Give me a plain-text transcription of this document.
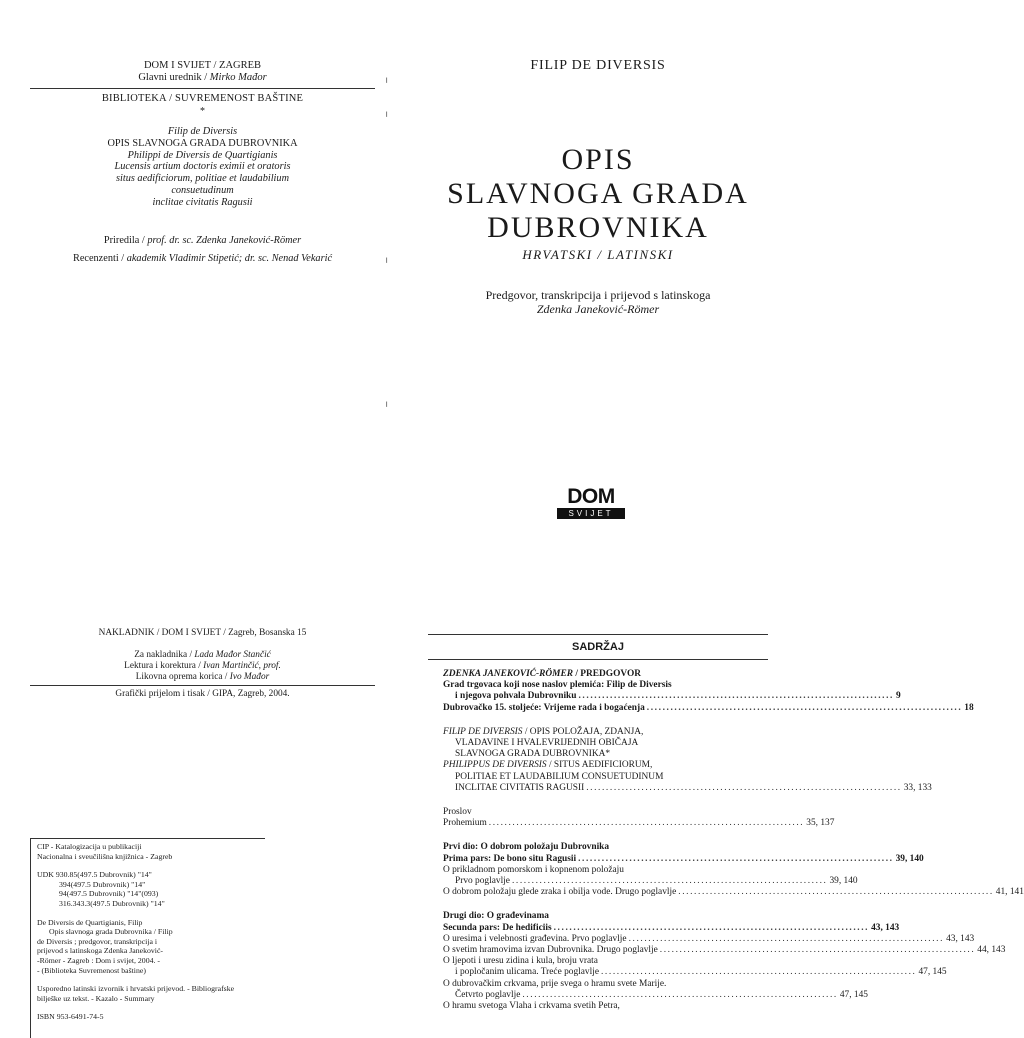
DOM I SVIJET / ZAGREB
Glavni urednik / Mirko Mađor
BIBLIOTEKA / SUVREMENOST BAŠTINE
*
Filip de Diversis
OPIS SLAVNOGA GRADA DUBROVNIKA
Philippi de Diversis de Quartigianis
Lucensis artium doctoris eximii et oratoris
situs aedificiorum, politiae et laudabilium
consuetudinum
inclitae civitatis Ragusii
Priredila / prof. dr. sc. Zdenka Janeković-Römer
Recenzenti / akademik Vladimir Stipetić; dr. sc. Nenad Vekarić
NAKLADNIK / DOM I SVIJET / Zagreb, Bosanska 15
Za nakladnika / Lada Mađor Stančić
Lektura i korektura / Ivan Martinčić, prof.
Likovna oprema korica / Ivo Mađor
Grafički prijelom i tisak / GIPA, Zagreb, 2004.
CIP - Katalogizacija u publikaciji
Nacionalna i sveučilišna knjižnica - Zagreb
UDK 930.85(497.5 Dubrovnik) "14"
394(497.5 Dubrovnik) "14"
94(497.5 Dubrovnik) "14"(093)
316.343.3(497.5 Dubrovnik) "14"
De Diversis de Quartigianis, Filip
Opis slavnoga grada Dubrovnika / Filip
de Diversis ; predgovor, transkripcija i
prijevod s latinskoga Zdenka Janeković-
-Römer - Zagreb : Dom i svijet, 2004. -
- (Biblioteka Suvremenost baštine)
Usporedno latinski izvornik i hrvatski prijevod. - Bibliografske
bilješke uz tekst. - Kazalo - Summary
ISBN 953-6491-74-5
╵
╵
╵
╵
FILIP DE DIVERSIS
OPIS
SLAVNOGA GRADA
DUBROVNIKA
HRVATSKI / LATINSKI
Predgovor, transkripcija i prijevod s latinskoga
Zdenka Janeković-Römer
DOM
SVIJET
SADRŽAJ
ZDENKA JANEKOVIĆ-RÖMER / PREDGOVOR
Grad trgovaca koji nose naslov plemića: Filip de Diversis
i njegova pohvala Dubrovniku ................................................................................ 9
Dubrovačko 15. stoljeće: Vrijeme rada i bogaćenja ................................................................................ 18
FILIP DE DIVERSIS / OPIS POLOŽAJA, ZDANJA,
VLADAVINE I HVALEVRIJEDNIH OBIČAJA
SLAVNOGA GRADA DUBROVNIKA*
PHILIPPUS DE DIVERSIS / SITUS AEDIFICIORUM,
POLITIAE ET LAUDABILIUM CONSUETUDINUM
INCLITAE CIVITATIS RAGUSII ................................................................................ 33, 133
Proslov
Prohemium ................................................................................ 35, 137
Prvi dio: O dobrom položaju Dubrovnika
Prima pars: De bono situ Ragusii ................................................................................ 39, 140
O prikladnom pomorskom i kopnenom položaju
Prvo poglavlje ................................................................................ 39, 140
O dobrom položaju glede zraka i obilja vode. Drugo poglavlje ................................................................................ 41, 141
Drugi dio: O građevinama
Secunda pars: De hedificiis ................................................................................ 43, 143
O uresima i velebnosti građevina. Prvo poglavlje ................................................................................ 43, 143
O svetim hramovima izvan Dubrovnika. Drugo poglavlje ................................................................................ 44, 143
O ljepoti i uresu zidina i kula, broju vrata
i popločanim ulicama. Treće poglavlje ................................................................................ 47, 145
O dubrovačkim crkvama, prije svega o hramu svete Marije.
Četvrto poglavlje ................................................................................ 47, 145
O hramu svetoga Vlaha i crkvama svetih Petra,
